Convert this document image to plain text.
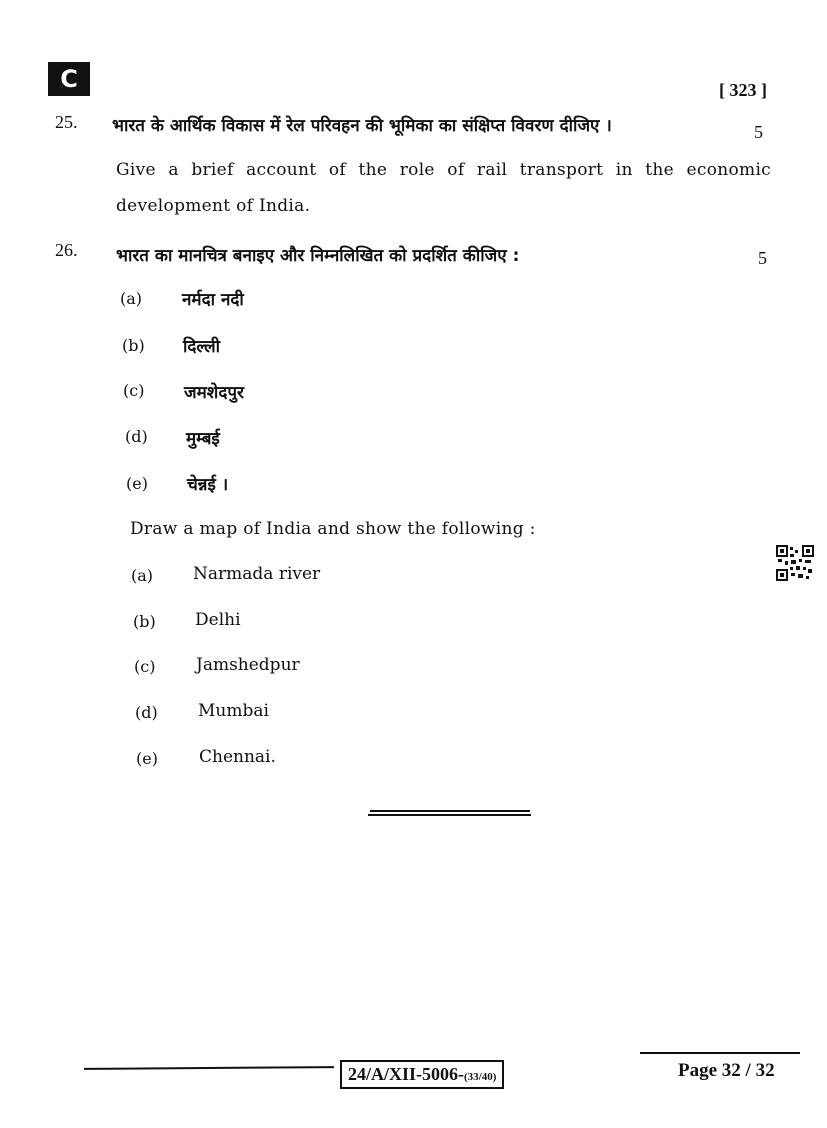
C	[ 323 ]
25. भारत के आर्थिक विकास में रेल परिवहन की भूमिका का संक्षिप्त विवरण दीजिए ।	5
Give a brief account of the role of rail transport in the economic
development of India.
26. भारत का मानचित्र बनाइए और निम्नलिखित को प्रदर्शित कीजिए :	5
(a) नर्मदा नदी
(b) दिल्ली
(c) जमशेदपुर
(d) मुम्बई
(e) चेन्नई ।
Draw a map of India and show the following :
(a) Narmada river
(b) Delhi
(c) Jamshedpur
(d) Mumbai
(e) Chennai.
24/A/XII-5006-(33/40)	Page 32 / 32
